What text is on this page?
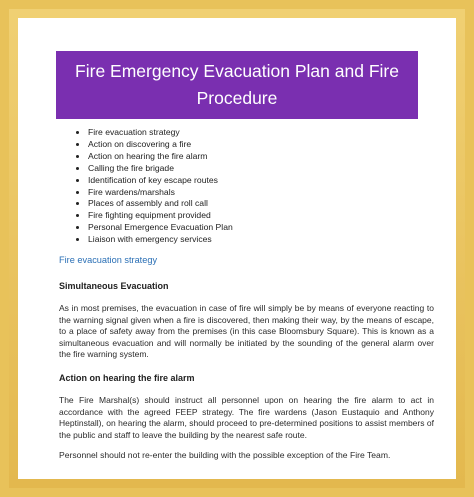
Fire Emergency Evacuation Plan and Fire
Procedure
• Fire evacuation strategy
• Action on discovering a fire
• Action on hearing the fire alarm
• Calling the fire brigade
• Identification of key escape routes
• Fire wardens/marshals
• Places of assembly and roll call
• Fire fighting equipment provided
• Personal Emergence Evacuation Plan
• Liaison with emergency services
Fire evacuation strategy
Simultaneous Evacuation
As in most premises, the evacuation in case of fire will simply be by means of everyone reacting to the warning signal given when a fire is discovered, then making their way, by the means of escape, to a place of safety away from the premises (in this case Bloomsbury Square). This is known as a simultaneous evacuation and will normally be initiated by the sounding of the general alarm over the fire warning system.
Action on hearing the fire alarm
The Fire Marshal(s) should instruct all personnel upon on hearing the fire alarm to act in accordance with the agreed FEEP strategy. The fire wardens (Jason Eustaquio and Anthony Heptinstall), on hearing the alarm, should proceed to pre-determined positions to assist members of the public and staff to leave the building by the nearest safe route.
Personnel should not re-enter the building with the possible exception of the Fire Team.
